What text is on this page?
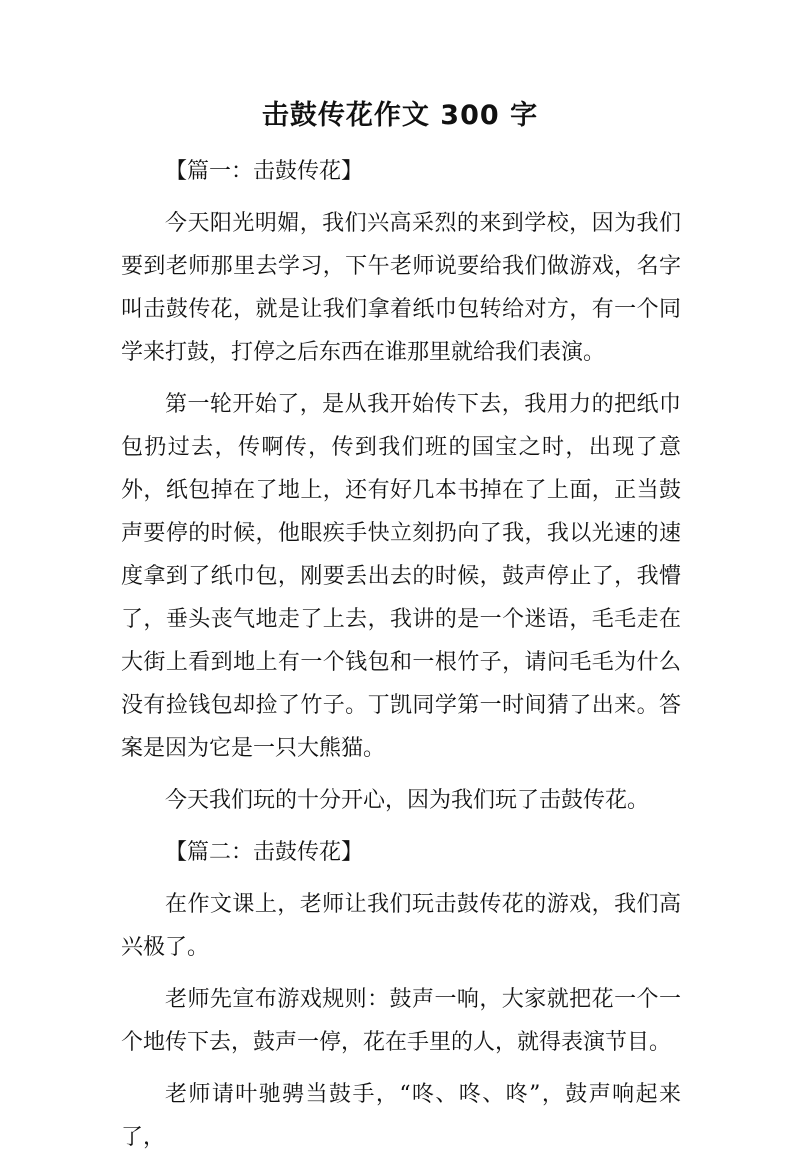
击鼓传花作文 300 字
【篇一：击鼓传花】

今天阳光明媚，我们兴高采烈的来到学校，因为我们要到老师那里去学习，下午老师说要给我们做游戏，名字叫击鼓传花，就是让我们拿着纸巾包转给对方，有一个同学来打鼓，打停之后东西在谁那里就给我们表演。

第一轮开始了，是从我开始传下去，我用力的把纸巾包扔过去，传啊传，传到我们班的国宝之时，出现了意外，纸包掉在了地上，还有好几本书掉在了上面，正当鼓声要停的时候，他眼疾手快立刻扔向了我，我以光速的速度拿到了纸巾包，刚要丢出去的时候，鼓声停止了，我懵了，垂头丧气地走了上去，我讲的是一个迷语，毛毛走在大街上看到地上有一个钱包和一根竹子，请问毛毛为什么没有捡钱包却捡了竹子。丁凯同学第一时间猜了出来。答案是因为它是一只大熊猫。

今天我们玩的十分开心，因为我们玩了击鼓传花。

【篇二：击鼓传花】

在作文课上，老师让我们玩击鼓传花的游戏，我们高兴极了。

老师先宣布游戏规则：鼓声一响，大家就把花一个一个地传下去，鼓声一停，花在手里的人，就得表演节目。

老师请叶驰骋当鼓手，“咚、咚、咚”，鼓声响起来了，
